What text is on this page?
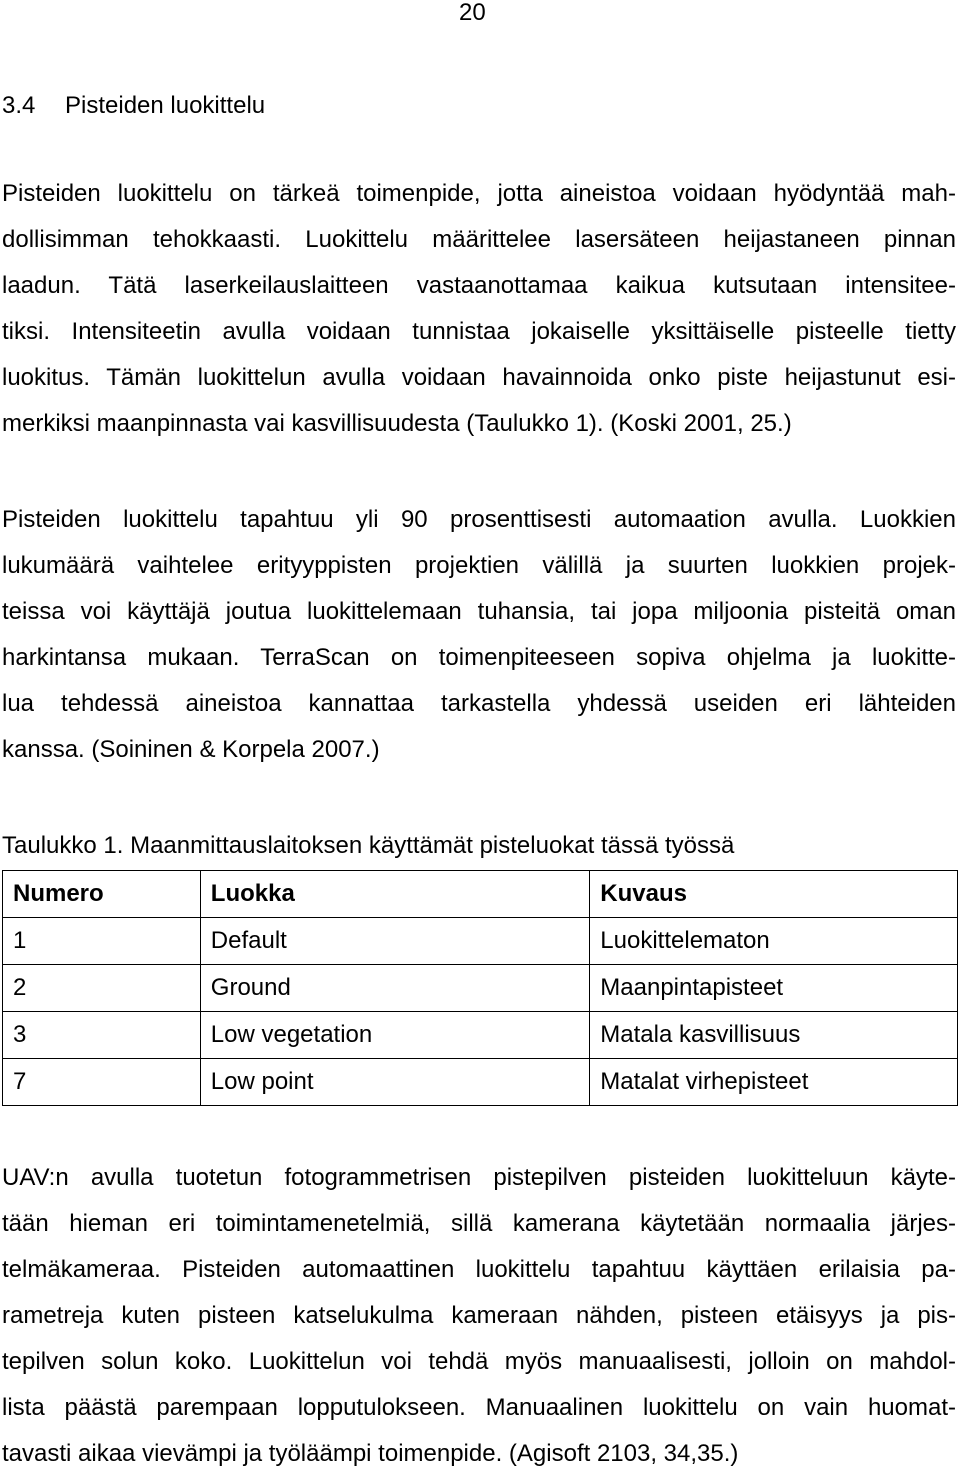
20
3.4 Pisteiden luokittelu

Pisteiden luokittelu on tärkeä toimenpide, jotta aineistoa voidaan hyödyntää mah-
dollisimman tehokkaasti. Luokittelu määrittelee lasersäteen heijastaneen pinnan
laadun. Tätä laserkeilauslaitteen vastaanottamaa kaikua kutsutaan intensitee-
tiksi. Intensiteetin avulla voidaan tunnistaa jokaiselle yksittäiselle pisteelle tietty
luokitus. Tämän luokittelun avulla voidaan havainnoida onko piste heijastunut esi-
merkiksi maanpinnasta vai kasvillisuudesta (Taulukko 1). (Koski 2001, 25.)

Pisteiden luokittelu tapahtuu yli 90 prosenttisesti automaation avulla. Luokkien
lukumäärä vaihtelee erityyppisten projektien välillä ja suurten luokkien projek-
teissa voi käyttäjä joutua luokittelemaan tuhansia, tai jopa miljoonia pisteitä oman
harkintansa mukaan. TerraScan on toimenpiteeseen sopiva ohjelma ja luokitte-
lua tehdessä aineistoa kannattaa tarkastella yhdessä useiden eri lähteiden
kanssa. (Soininen & Korpela 2007.)

Taulukko 1. Maanmittauslaitoksen käyttämät pisteluokat tässä työssä
Numero	Luokka	Kuvaus
1	Default	Luokittelematon
2	Ground	Maanpintapisteet
3	Low vegetation	Matala kasvillisuus
7	Low point	Matalat virhepisteet

UAV:n avulla tuotetun fotogrammetrisen pistepilven pisteiden luokitteluun käyte-
tään hieman eri toimintamenetelmiä, sillä kameranа käytetään normaalia järjes-
telmäkameraa. Pisteiden automaattinen luokittelu tapahtuu käyttäen erilaisia pa-
rametreja kuten pisteen katselukulma kameraan nähden, pisteen etäisyys ja pis-
tepilven solun koko. Luokittelun voi tehdä myös manuaalisesti, jolloin on mahdol-
lista päästä parempaan lopputulokseen. Manuaalinen luokittelu on vain huomat-
tavasti aikaa vievämpi ja työläämpi toimenpide. (Agisoft 2103, 34,35.)
